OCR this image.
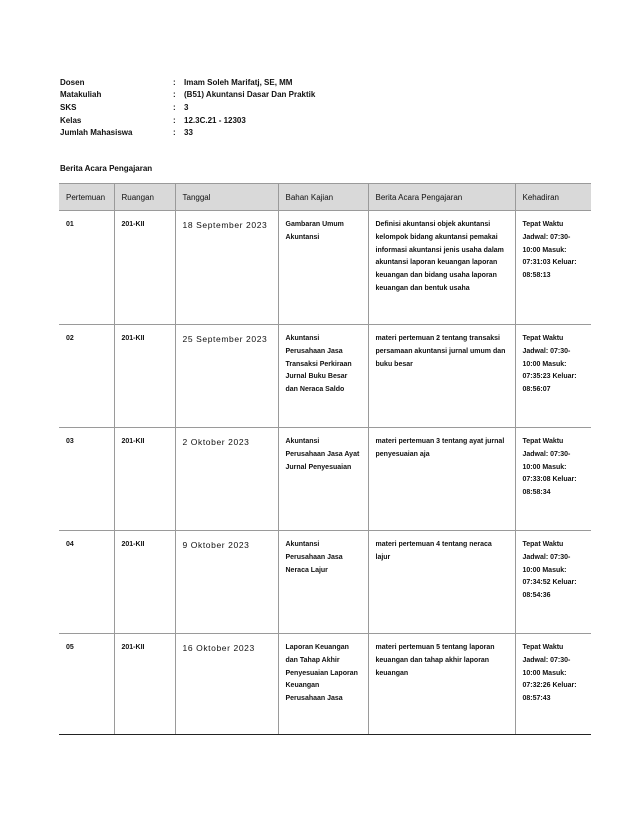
Dosen	:	Imam Soleh Marifatj, SE, MM
Matakuliah	:	(B51) Akuntansi Dasar Dan Praktik
SKS	:	3
Kelas	:	12.3C.21 - 12303
Jumlah Mahasiswa	:	33
Berita Acara Pengajaran
Pertemuan	Ruangan	Tanggal	Bahan Kajian	Berita Acara Pengajaran	Kehadiran
01	201-KII	18 September 2023	Gambaran Umum Akuntansi	Definisi akuntansi objek akuntansi kelompok bidang akuntansi pemakai informasi akuntansi jenis usaha dalam akuntansi laporan keuangan laporan keuangan dan bidang usaha laporan keuangan dan bentuk usaha	Tepat Waktu Jadwal: 07:30-10:00 Masuk: 07:31:03 Keluar: 08:58:13
02	201-KII	25 September 2023	Akuntansi Perusahaan Jasa Transaksi Perkiraan Jurnal Buku Besar dan Neraca Saldo	materi pertemuan 2 tentang transaksi persamaan akuntansi jurnal umum dan buku besar	Tepat Waktu Jadwal: 07:30-10:00 Masuk: 07:35:23 Keluar: 08:56:07
03	201-KII	2 Oktober 2023	Akuntansi Perusahaan Jasa Ayat Jurnal Penyesuaian	materi pertemuan 3 tentang ayat jurnal penyesuaian aja	Tepat Waktu Jadwal: 07:30-10:00 Masuk: 07:33:08 Keluar: 08:58:34
04	201-KII	9 Oktober 2023	Akuntansi Perusahaan Jasa Neraca Lajur	materi pertemuan 4 tentang neraca lajur	Tepat Waktu Jadwal: 07:30-10:00 Masuk: 07:34:52 Keluar: 08:54:36
05	201-KII	16 Oktober 2023	Laporan Keuangan dan Tahap Akhir Penyesuaian Laporan Keuangan Perusahaan Jasa	materi pertemuan 5 tentang laporan keuangan dan tahap akhir laporan keuangan	Tepat Waktu Jadwal: 07:30-10:00 Masuk: 07:32:26 Keluar: 08:57:43
